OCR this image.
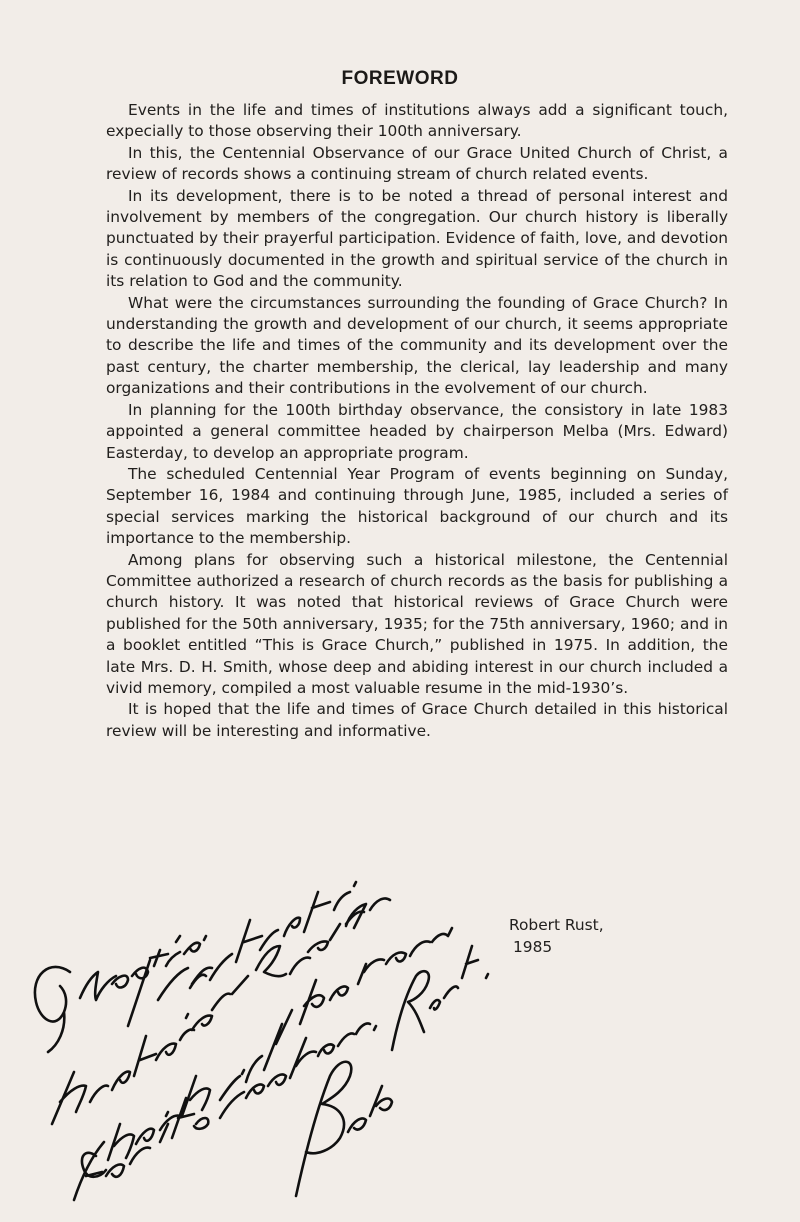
FOREWORD

Events in the life and times of institutions always add a significant touch, expecially to those observing their 100th anniversary.

In this, the Centennial Observance of our Grace United Church of Christ, a review of records shows a continuing stream of church related events.

In its development, there is to be noted a thread of personal interest and involvement by members of the congregation. Our church history is liberally punctuated by their prayerful participation. Evidence of faith, love, and devotion is continuously documented in the growth and spiritual service of the church in its relation to God and the community.

What were the circumstances surrounding the founding of Grace Church? In understanding the growth and development of our church, it seems appropriate to describe the life and times of the community and its development over the past century, the charter membership, the clerical, lay leadership and many organizations and their contributions in the evolvement of our church.

In planning for the 100th birthday observance, the consistory in late 1983 appointed a general committee headed by chairperson Melba (Mrs. Edward) Easterday, to develop an appropriate program.

The scheduled Centennial Year Program of events beginning on Sunday, September 16, 1984 and continuing through June, 1985, included a series of special services marking the historical background of our church and its importance to the membership.

Among plans for observing such a historical milestone, the Centennial Committee authorized a research of church records as the basis for publishing a church history. It was noted that historical reviews of Grace Church were published for the 50th anniversary, 1935; for the 75th anniversary, 1960; and in a booklet entitled “This is Grace Church,” published in 1975. In addition, the late Mrs. D. H. Smith, whose deep and abiding interest in our church included a vivid memory, compiled a most valuable resume in the mid-1930’s.

It is hoped that the life and times of Grace Church detailed in this historical review will be interesting and informative.

Robert Rust,
1985
